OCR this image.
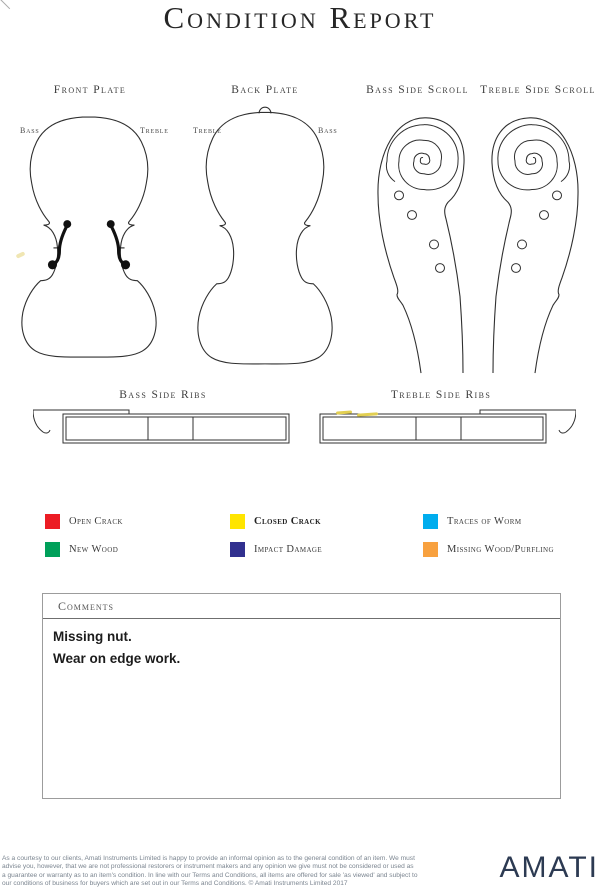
Condition Report
Front Plate	Back Plate	Bass Side Scroll Treble Side Scroll
Bass	Treble	Treble	Bass
Bass Side Ribs	Treble Side Ribs
Open Crack	Closed Crack	Traces of Worm
New Wood	Impact Damage	Missing Wood/Purfling
Comments
Missing nut.
Wear on edge work.
As a courtesy to our clients, Amati Instruments Limited is happy to provide an informal opinion as to the general condition of an item. We must
advise you, however, that we are not professional restorers or instrument makers and any opinion we give must not be considered or used as
a guarantee or warranty as to an item's condition. In line with our Terms and Conditions, all items are offered for sale 'as viewed' and subject to
our conditions of business for buyers which are set out in our Terms and Conditions. © Amati Instruments Limited 2017	AMATI
